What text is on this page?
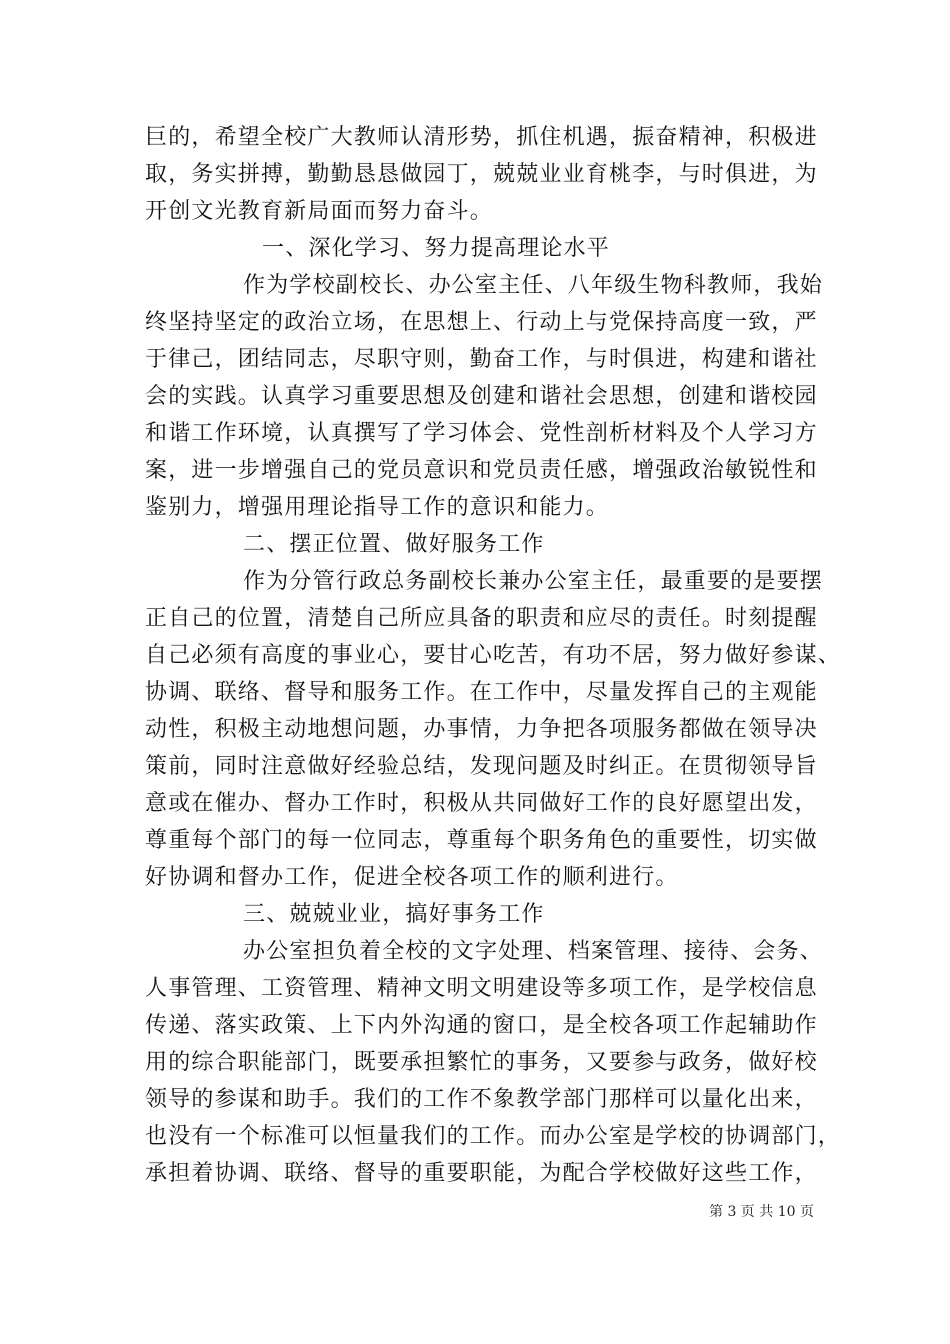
巨的，希望全校广大教师认清形势，抓住机遇，振奋精神，积极进
取，务实拼搏，勤勤恳恳做园丁，兢兢业业育桃李，与时俱进，为
开创文光教育新局面而努力奋斗。
一、深化学习、努力提高理论水平
作为学校副校长、办公室主任、八年级生物科教师，我始
终坚持坚定的政治立场，在思想上、行动上与党保持高度一致，严
于律己，团结同志，尽职守则，勤奋工作，与时俱进，构建和谐社
会的实践。认真学习重要思想及创建和谐社会思想，创建和谐校园
和谐工作环境，认真撰写了学习体会、党性剖析材料及个人学习方
案，进一步增强自己的党员意识和党员责任感，增强政治敏锐性和
鉴别力，增强用理论指导工作的意识和能力。
二、摆正位置、做好服务工作
作为分管行政总务副校长兼办公室主任，最重要的是要摆
正自己的位置，清楚自己所应具备的职责和应尽的责任。时刻提醒
自己必须有高度的事业心，要甘心吃苦，有功不居，努力做好参谋、
协调、联络、督导和服务工作。在工作中，尽量发挥自己的主观能
动性，积极主动地想问题，办事情，力争把各项服务都做在领导决
策前，同时注意做好经验总结，发现问题及时纠正。在贯彻领导旨
意或在催办、督办工作时，积极从共同做好工作的良好愿望出发，
尊重每个部门的每一位同志，尊重每个职务角色的重要性，切实做
好协调和督办工作，促进全校各项工作的顺利进行。
三、兢兢业业，搞好事务工作
办公室担负着全校的文字处理、档案管理、接待、会务、
人事管理、工资管理、精神文明文明建设等多项工作，是学校信息
传递、落实政策、上下内外沟通的窗口，是全校各项工作起辅助作
用的综合职能部门，既要承担繁忙的事务，又要参与政务，做好校
领导的参谋和助手。我们的工作不象教学部门那样可以量化出来，
也没有一个标准可以恒量我们的工作。而办公室是学校的协调部门，
承担着协调、联络、督导的重要职能，为配合学校做好这些工作，
第 3 页 共 10 页
